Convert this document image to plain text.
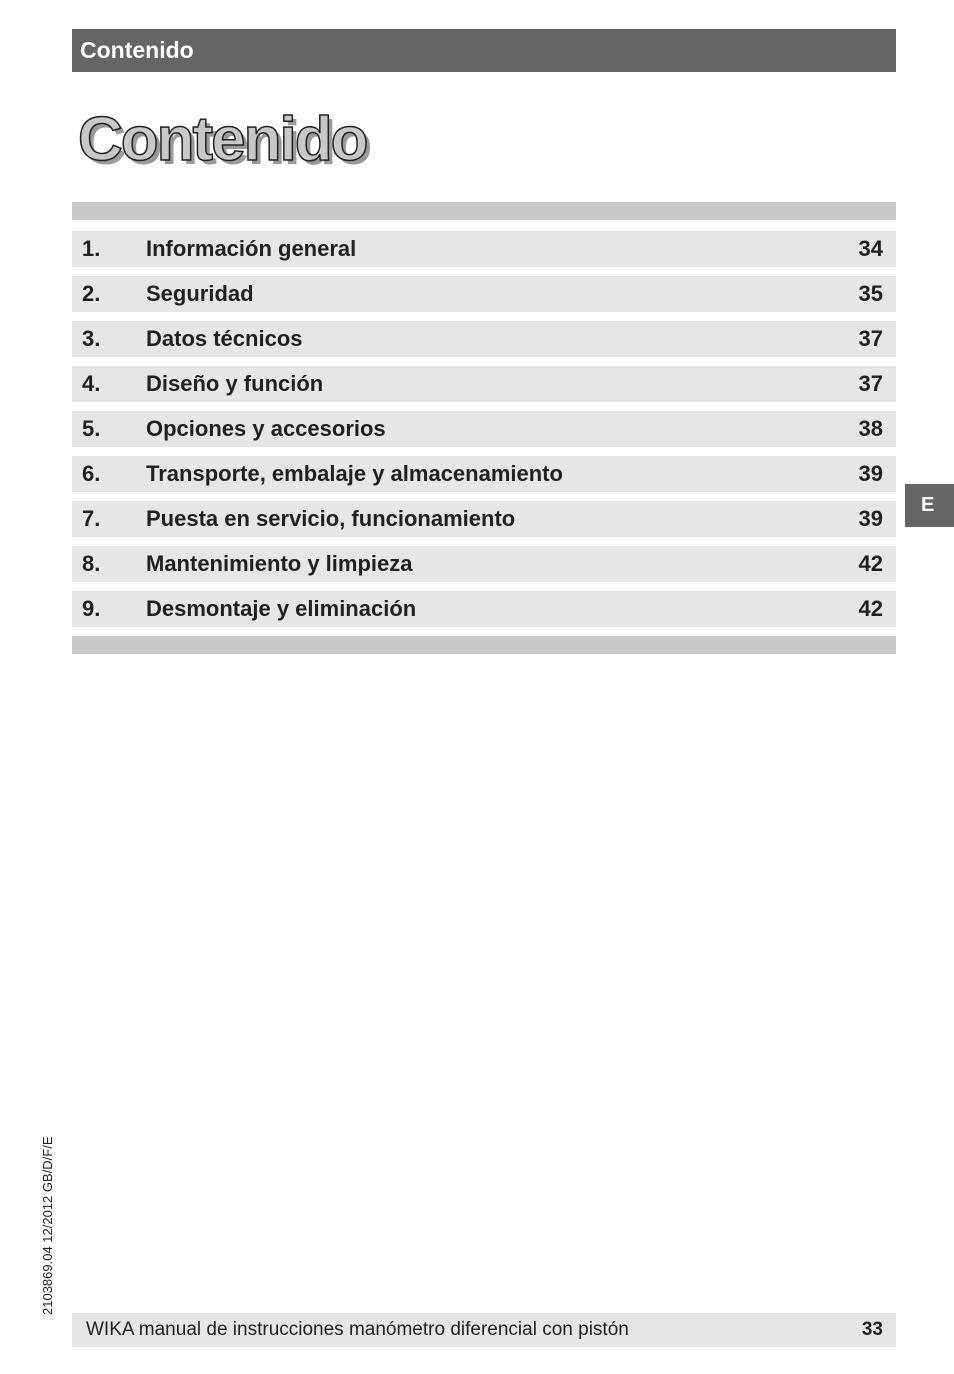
Contenido
Contenido
1. Información general	34
2. Seguridad	35
3. Datos técnicos	37
4. Diseño y función	37
5. Opciones y accesorios	38
6. Transporte, embalaje y almacenamiento	39
7. Puesta en servicio, funcionamiento	39
8. Mantenimiento y limpieza	42
9. Desmontaje y eliminación	42
E
2103869.04 12/2012 GB/D/F/E
WIKA manual de instrucciones manómetro diferencial con pistón	33
